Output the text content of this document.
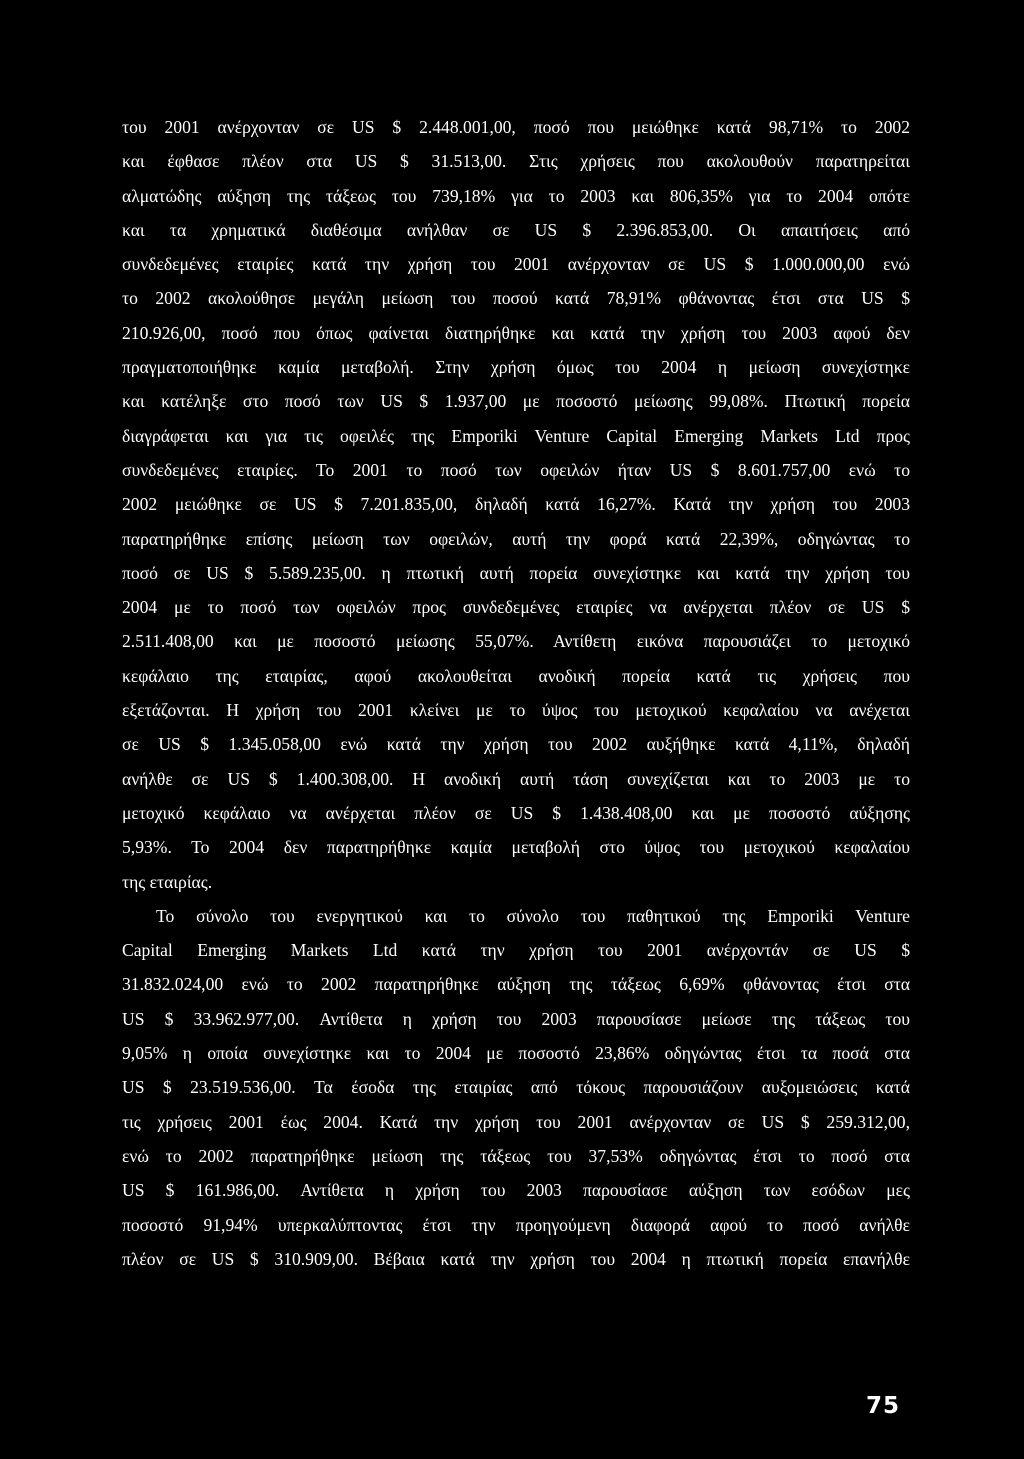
του 2001 ανέρχονταν σε US $ 2.448.001,00, ποσό που μειώθηκε κατά 98,71% το 2002
και έφθασε πλέον στα US $ 31.513,00. Στις χρήσεις που ακολουθούν παρατηρείται
αλματώδης αύξηση της τάξεως του 739,18% για το 2003 και 806,35% για το 2004 οπότε
και τα χρηματικά διαθέσιμα ανήλθαν σε US $ 2.396.853,00. Οι απαιτήσεις από
συνδεδεμένες εταιρίες κατά την χρήση του 2001 ανέρχονταν σε US $ 1.000.000,00 ενώ
το 2002 ακολούθησε μεγάλη μείωση του ποσού κατά 78,91% φθάνοντας έτσι στα US $
210.926,00, ποσό που όπως φαίνεται διατηρήθηκε και κατά την χρήση του 2003 αφού δεν
πραγματοποιήθηκε καμία μεταβολή. Στην χρήση όμως του 2004 η μείωση συνεχίστηκε
και κατέληξε στο ποσό των US $ 1.937,00 με ποσοστό μείωσης 99,08%. Πτωτική πορεία
διαγράφεται και για τις οφειλές της Emporiki Venture Capital Emerging Markets Ltd προς
συνδεδεμένες εταιρίες. Το 2001 το ποσό των οφειλών ήταν US $ 8.601.757,00 ενώ το
2002 μειώθηκε σε US $ 7.201.835,00, δηλαδή κατά 16,27%. Κατά την χρήση του 2003
παρατηρήθηκε επίσης μείωση των οφειλών, αυτή την φορά κατά 22,39%, οδηγώντας το
ποσό σε US $ 5.589.235,00. η πτωτική αυτή πορεία συνεχίστηκε και κατά την χρήση του
2004 με το ποσό των οφειλών προς συνδεδεμένες εταιρίες να ανέρχεται πλέον σε US $
2.511.408,00 και με ποσοστό μείωσης 55,07%. Αντίθετη εικόνα παρουσιάζει το μετοχικό
κεφάλαιο της εταιρίας, αφού ακολουθείται ανοδική πορεία κατά τις χρήσεις που
εξετάζονται. Η χρήση του 2001 κλείνει με το ύψος του μετοχικού κεφαλαίου να ανέχεται
σε US $ 1.345.058,00 ενώ κατά την χρήση του 2002 αυξήθηκε κατά 4,11%, δηλαδή
ανήλθε σε US $ 1.400.308,00. Η ανοδική αυτή τάση συνεχίζεται και το 2003 με το
μετοχικό κεφάλαιο να ανέρχεται πλέον σε US $ 1.438.408,00 και με ποσοστό αύξησης
5,93%. Το 2004 δεν παρατηρήθηκε καμία μεταβολή στο ύψος του μετοχικού κεφαλαίου
της εταιρίας.
Το σύνολο του ενεργητικού και το σύνολο του παθητικού της Emporiki Venture
Capital Emerging Markets Ltd κατά την χρήση του 2001 ανέρχοντάν σε US $
31.832.024,00 ενώ το 2002 παρατηρήθηκε αύξηση της τάξεως 6,69% φθάνοντας έτσι στα
US $ 33.962.977,00. Αντίθετα η χρήση του 2003 παρουσίασε μείωσε της τάξεως του
9,05% η οποία συνεχίστηκε και το 2004 με ποσοστό 23,86% οδηγώντας έτσι τα ποσά στα
US $ 23.519.536,00. Τα έσοδα της εταιρίας από τόκους παρουσιάζουν αυξομειώσεις κατά
τις χρήσεις 2001 έως 2004. Κατά την χρήση του 2001 ανέρχονταν σε US $ 259.312,00,
ενώ το 2002 παρατηρήθηκε μείωση της τάξεως του 37,53% οδηγώντας έτσι το ποσό στα
US $ 161.986,00. Αντίθετα η χρήση του 2003 παρουσίασε αύξηση των εσόδων μες
ποσοστό 91,94% υπερκαλύπτοντας έτσι την προηγούμενη διαφορά αφού το ποσό ανήλθε
πλέον σε US $ 310.909,00. Βέβαια κατά την χρήση του 2004 η πτωτική πορεία επανήλθε
75
